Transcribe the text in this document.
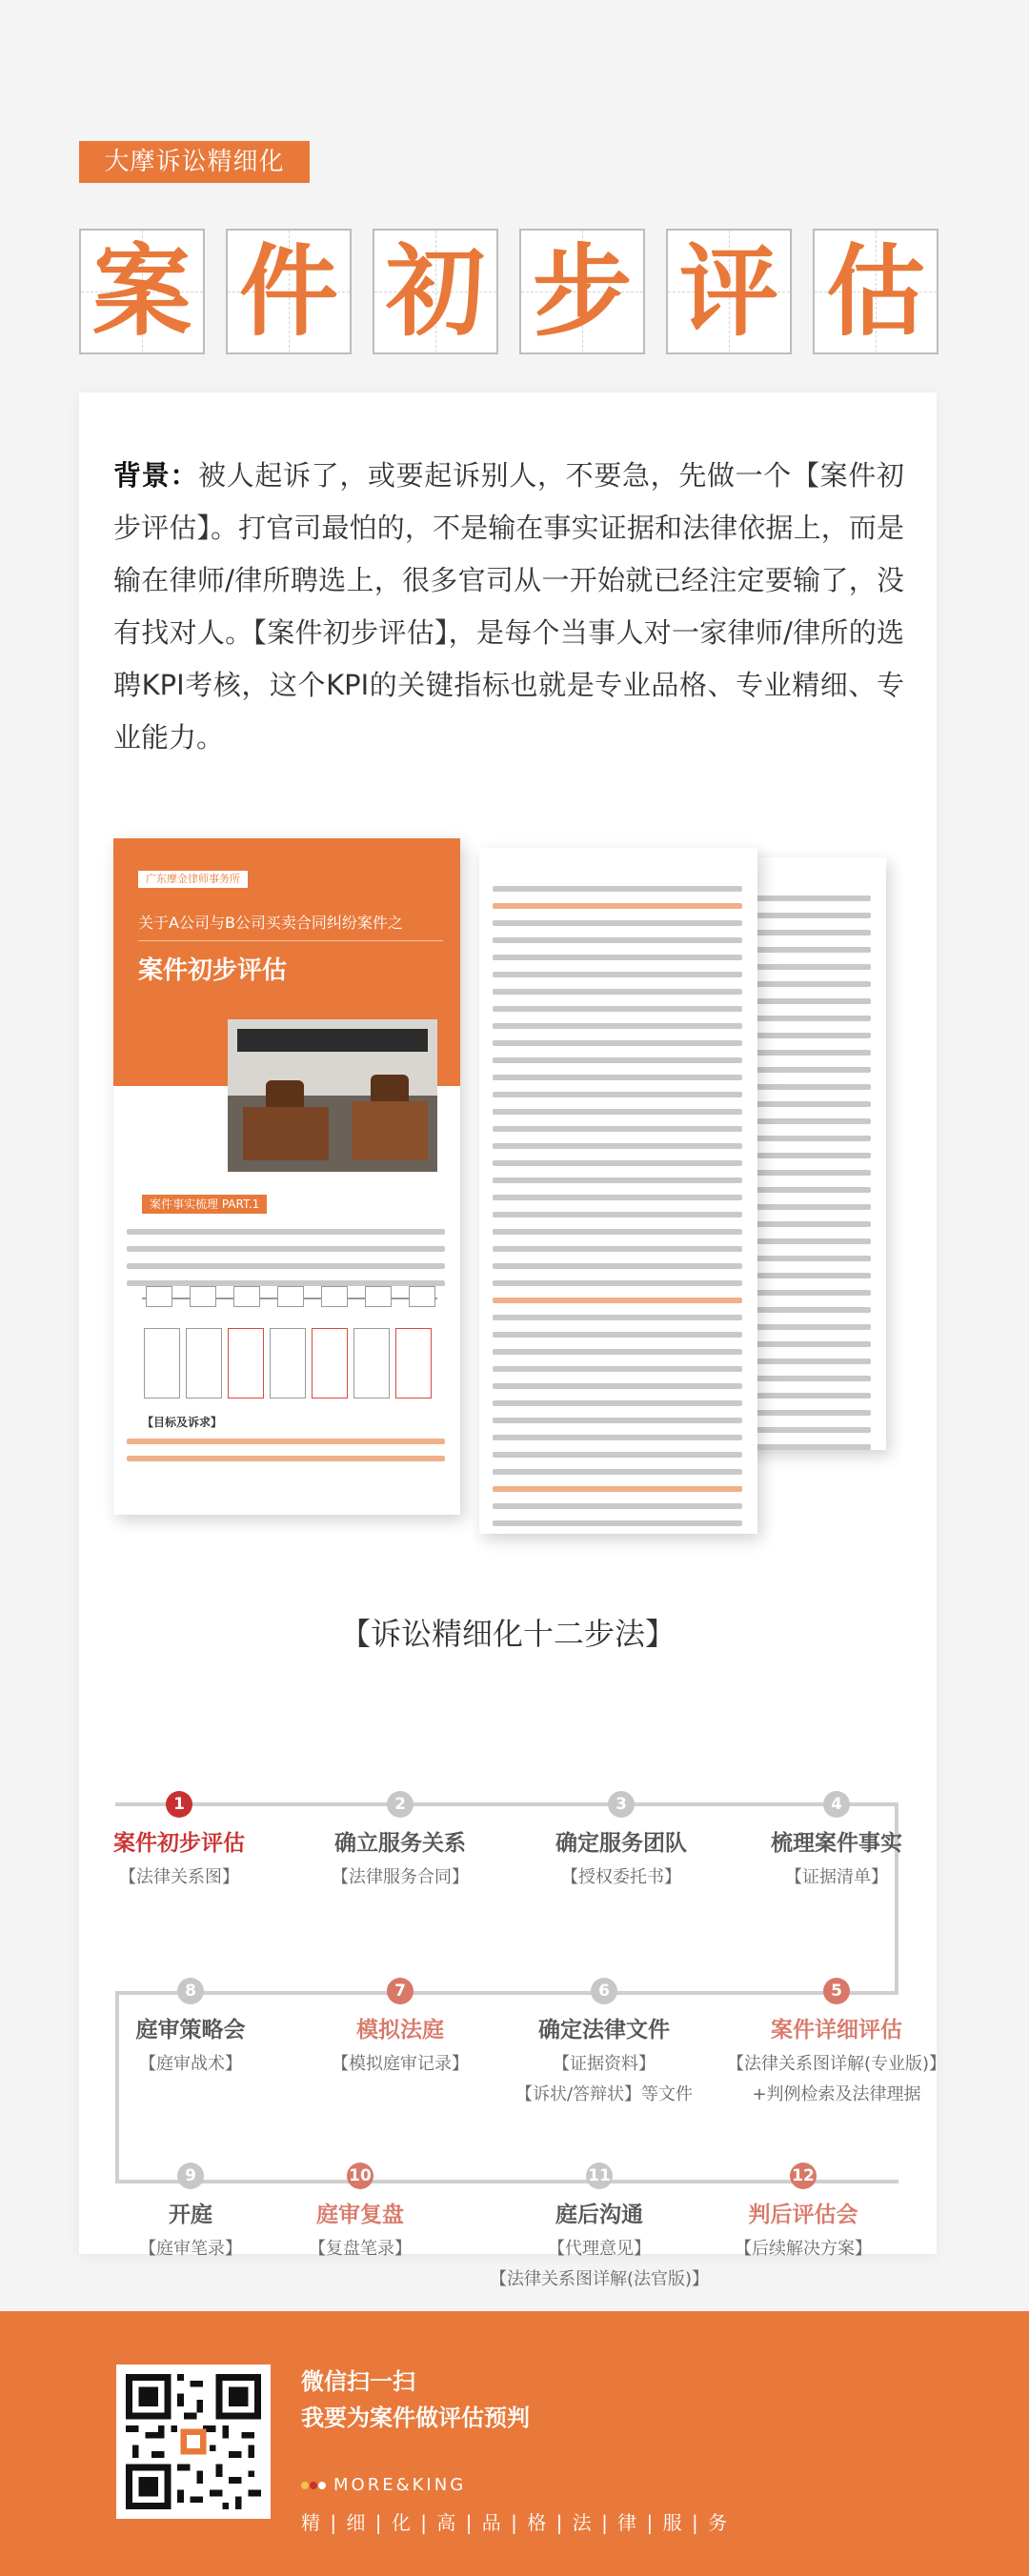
大摩诉讼精细化
案 件 初 步 评 估

背景：被人起诉了，或要起诉别人，不要急，先做一个【案件初步评估】。打官司最怕的，不是输在事实证据和法律依据上，而是输在律师/律所聘选上，很多官司从一开始就已经注定要输了，没有找对人。【案件初步评估】，是每个当事人对一家律师/律所的选聘KPI考核，这个KPI的关键指标也就是专业品格、专业精细、专业能力。

广东摩金律师事务所
关于A公司与B公司买卖合同纠纷案件之
案件初步评估
案件事实梳理 PART.1
【目标及诉求】
【诉讼精细化十二步法】
1
案件初步评估
【法律关系图】
2
确立服务关系
【法律服务合同】
3
确定服务团队
【授权委托书】
4
梳理案件事实
【证据清单】
5
案件详细评估
【法律关系图详解(专业版)】
+判例检索及法律理据
6
确定法律文件
【证据资料】
【诉状/答辩状】等文件
7
模拟法庭
【模拟庭审记录】
8
庭审策略会
【庭审战术】
9
开庭
【庭审笔录】
10
庭审复盘
【复盘笔录】
11
庭后沟通
【代理意见】
【法律关系图详解(法官版)】
12
判后评估会
【后续解决方案】
微信扫一扫
我要为案件做评估预判
MORE&KING
精 | 细 | 化 | 高 | 品 | 格 | 法 | 律 | 服 | 务
